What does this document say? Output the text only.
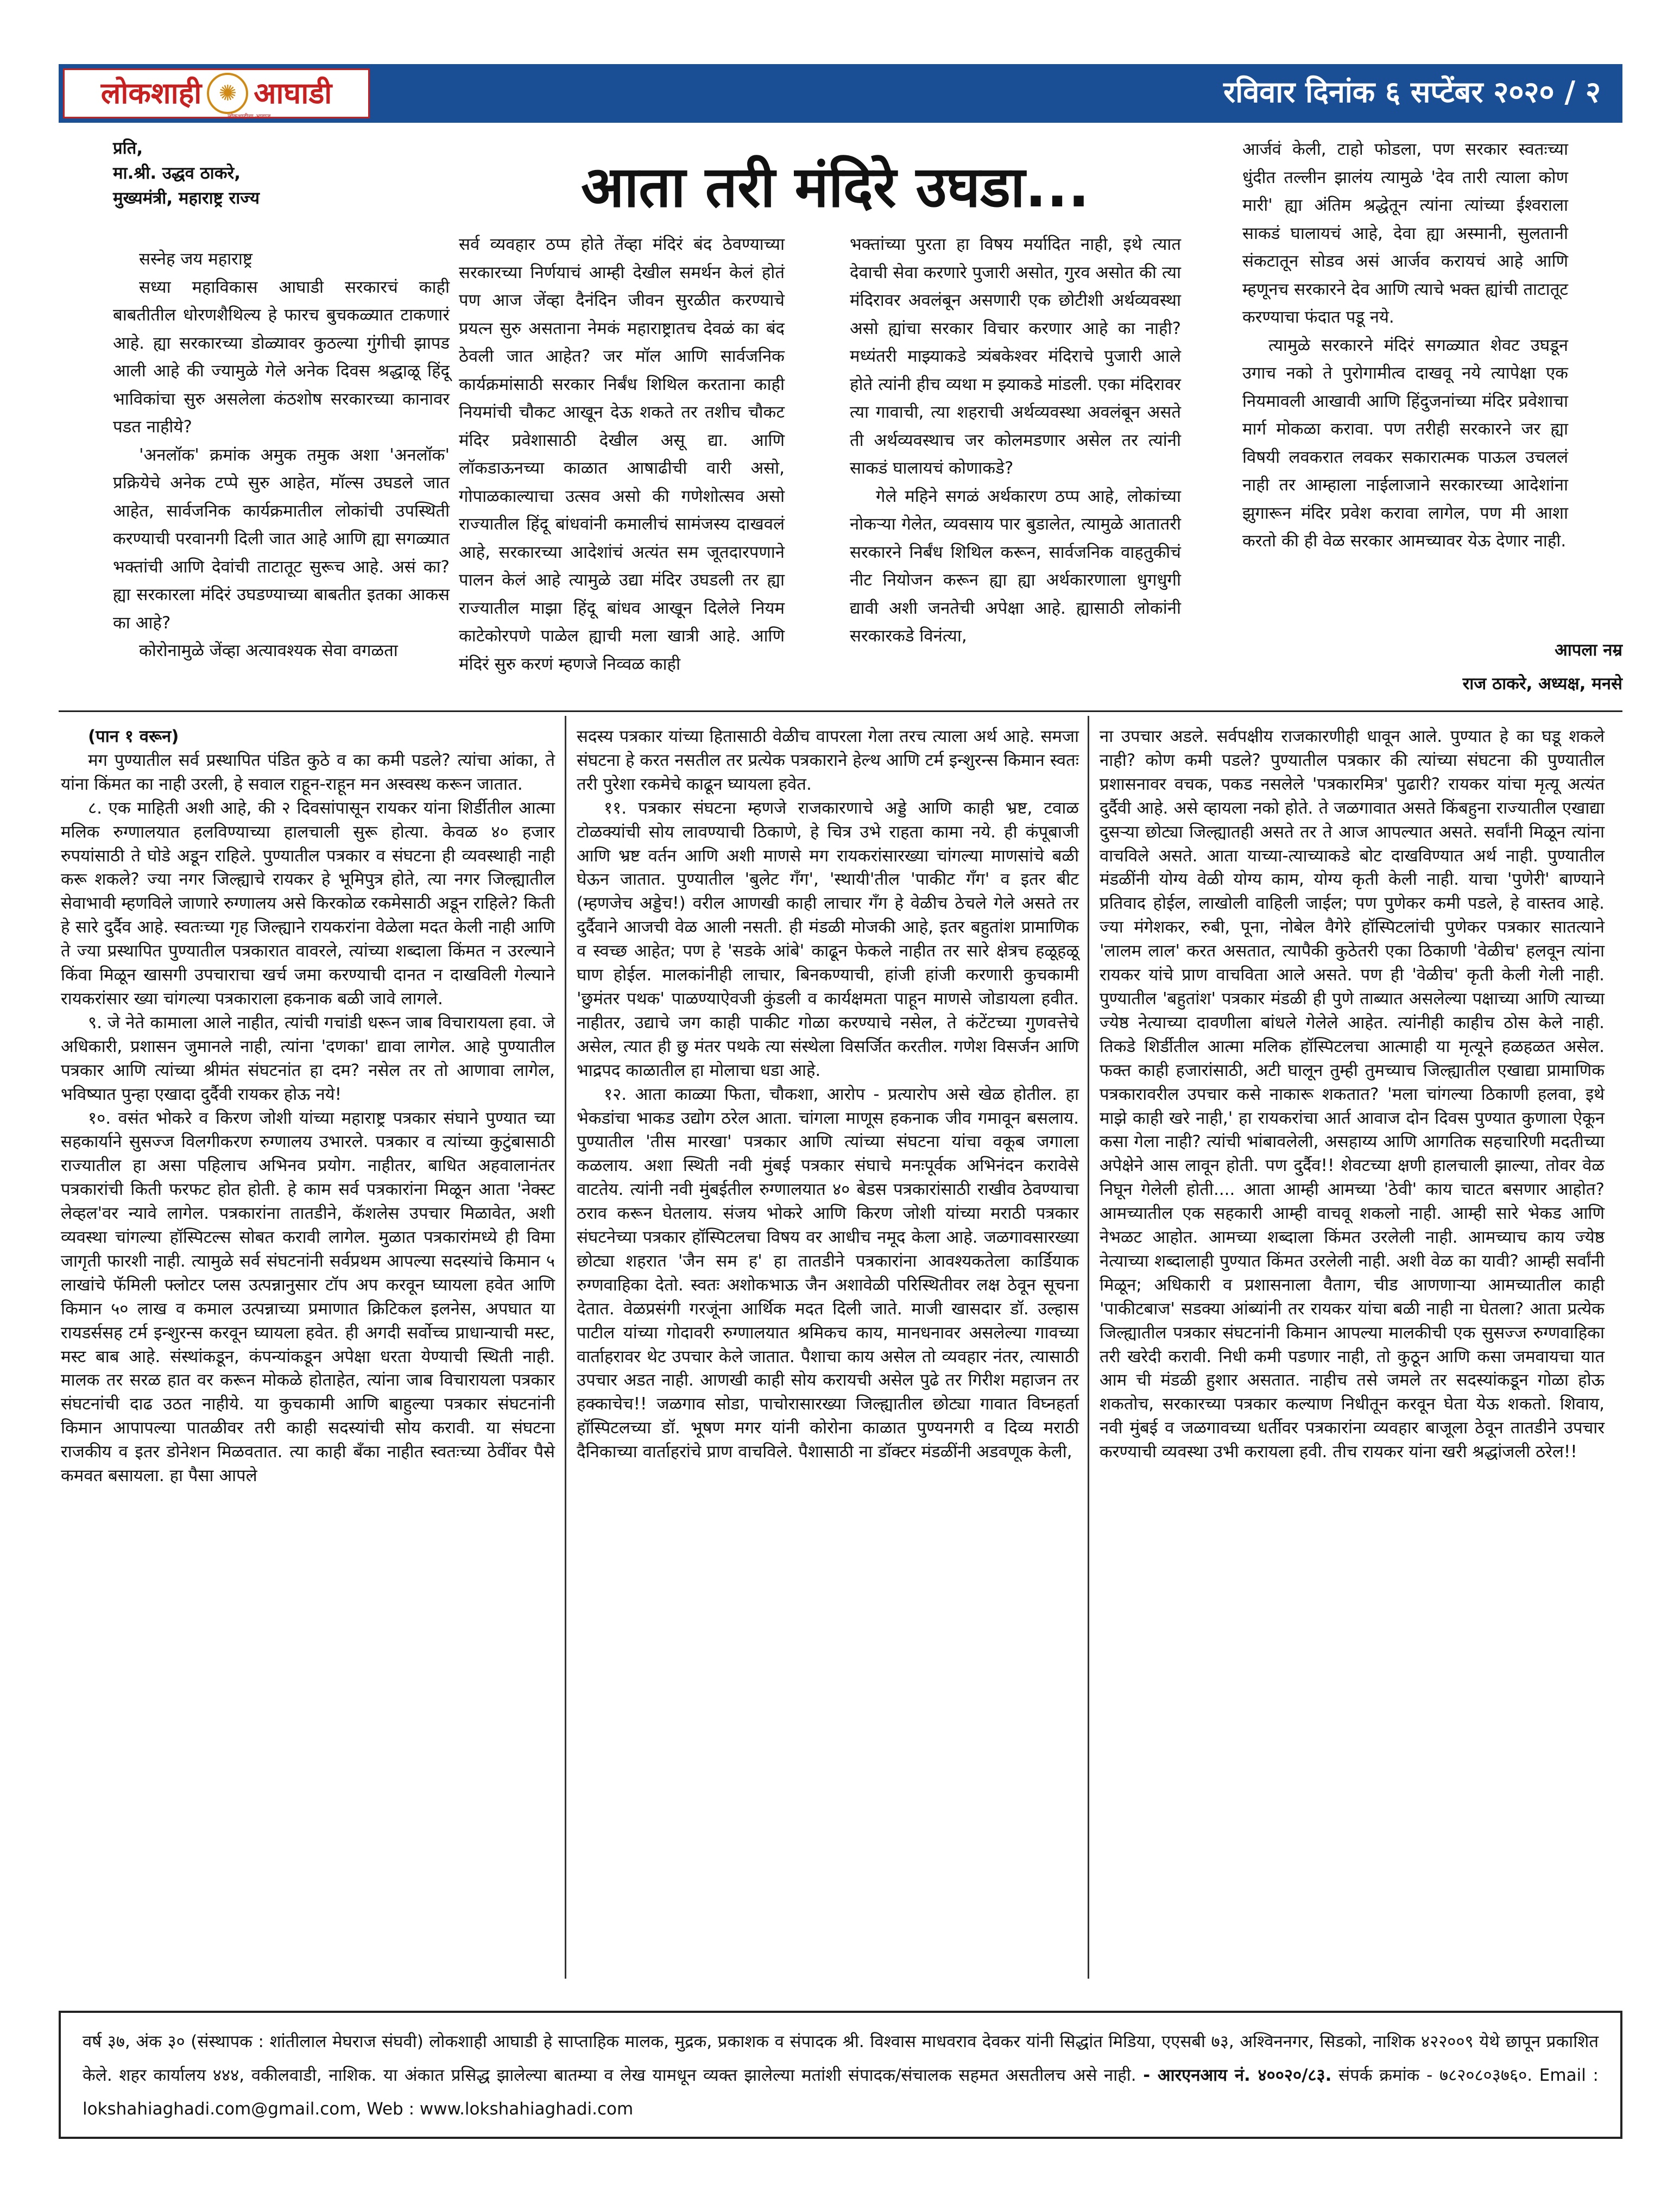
लोकशाही ✺ आघाडी
लोकशाहीचा आवाज
रविवार दिनांक ६ सप्टेंबर २०२० / २

प्रति,

मा.श्री. उद्धव ठाकरे,

मुख्यमंत्री, महाराष्ट्र राज्य

सस्नेह जय महाराष्ट्र

सध्या महाविकास आघाडी सरकारचं काही बाबतीतील धोरणशैथिल्य हे फारच बुचकळ्यात टाकणारं आहे. ह्या सरकारच्या डोळ्यावर कुठल्या गुंगीची झापड आली आहे की ज्यामुळे गेले अनेक दिवस श्रद्धाळू हिंदू भाविकांचा सुरु असलेला कंठशोष सरकारच्या कानावर पडत नाहीये?

'अनलॉक' क्रमांक अमुक तमुक अशा 'अनलॉक' प्रक्रियेचे अनेक टप्पे सुरु आहेत, मॉल्स उघडले जात आहेत, सार्वजनिक कार्यक्रमातील लोकांची उपस्थिती करण्याची परवानगी दिली जात आहे आणि ह्या सगळ्यात भक्तांची आणि देवांची ताटातूट सुरूच आहे. असं का? ह्या सरकारला मंदिरं उघडण्याच्या बाबतीत इतका आकस का आहे?

कोरोनामुळे जेंव्हा अत्यावश्यक सेवा वगळता

आता तरी मंदिरे उघडा...

सर्व व्यवहार ठप्प होते तेंव्हा मंदिरं बंद ठेवण्याच्या सरकारच्या निर्णयाचं आम्ही देखील समर्थन केलं होतं पण आज जेंव्हा दैनंदिन जीवन सुरळीत करण्याचे प्रयत्न सुरु असताना नेमकं महाराष्ट्रातच देवळं का बंद ठेवली जात आहेत? जर मॉल आणि सार्वजनिक कार्यक्रमांसाठी सरकार निर्बंध शिथिल करताना काही नियमांची चौकट आखून देऊ शकते तर तशीच चौकट मंदिर प्रवेशासाठी देखील असू द्या. आणि लॉकडाऊनच्या काळात आषाढीची वारी असो, गोपाळकाल्याचा उत्सव असो की गणेशोत्सव असो राज्यातील हिंदू बांधवांनी कमालीचं सामंजस्य दाखवलं आहे, सरकारच्या आदेशांचं अत्यंत सम जूतदारपणाने पालन केलं आहे त्यामुळे उद्या मंदिर उघडली तर ह्या राज्यातील माझा हिंदू बांधव आखून दिलेले नियम काटेकोरपणे पाळेल ह्याची मला खात्री आहे. आणि मंदिरं सुरु करणं म्हणजे निव्वळ काही

भक्तांच्या पुरता हा विषय मर्यादित नाही, इथे त्यात देवाची सेवा करणारे पुजारी असोत, गुरव असोत की त्या मंदिरावर अवलंबून असणारी एक छोटीशी अर्थव्यवस्था असो ह्यांचा सरकार विचार करणार आहे का नाही? मध्यंतरी माझ्याकडे त्र्यंबकेश्वर मंदिराचे पुजारी आले होते त्यांनी हीच व्यथा म झ्याकडे मांडली. एका मंदिरावर त्या गावाची, त्या शहराची अर्थव्यवस्था अवलंबून असते ती अर्थव्यवस्थाच जर कोलमडणार असेल तर त्यांनी साकडं घालायचं कोणाकडे?

गेले महिने सगळं अर्थकारण ठप्प आहे, लोकांच्या नोकऱ्या गेलेत, व्यवसाय पार बुडालेत, त्यामुळे आतातरी सरकारने निर्बंध शिथिल करून, सार्वजनिक वाहतुकीचं नीट नियोजन करून ह्या ह्या अर्थकारणाला धुगधुगी द्यावी अशी जनतेची अपेक्षा आहे. ह्यासाठी लोकांनी सरकारकडे विनंत्या,

आर्जवं केली, टाहो फोडला, पण सरकार स्वतःच्या धुंदीत तल्लीन झालंय त्यामुळे 'देव तारी त्याला कोण मारी' ह्या अंतिम श्रद्धेतून त्यांना त्यांच्या ईश्वराला साकडं घालायचं आहे, देवा ह्या अस्मानी, सुलतानी संकटातून सोडव असं आर्जव करायचं आहे आणि म्हणूनच सरकारने देव आणि त्याचे भक्त ह्यांची ताटातूट करण्याचा फंदात पडू नये.

त्यामुळे सरकारने मंदिरं सगळ्यात शेवट उघडून उगाच नको ते पुरोगामीत्व दाखवू नये त्यापेक्षा एक नियमावली आखावी आणि हिंदुजनांच्या मंदिर प्रवेशाचा मार्ग मोकळा करावा. पण तरीही सरकारने जर ह्या विषयी लवकरात लवकर सकारात्मक पाऊल उचललं नाही तर आम्हाला नाईलाजाने सरकारच्या आदेशांना झुगारून मंदिर प्रवेश करावा लागेल, पण मी आशा करतो की ही वेळ सरकार आमच्यावर येऊ देणार नाही.

आपला नम्र
राज ठाकरे, अध्यक्ष, मनसे

(पान १ वरून)

मग पुण्यातील सर्व प्रस्थापित पंडित कुठे व का कमी पडले? त्यांचा आंका, ते यांना किंमत का नाही उरली, हे सवाल राहून-राहून मन अस्वस्थ करून जातात.

८. एक माहिती अशी आहे, की २ दिवसांपासून रायकर यांना शिर्डीतील आत्मा मलिक रुग्णालयात हलविण्याच्या हालचाली सुरू होत्या. केवळ ४० हजार रुपयांसाठी ते घोडे अडून राहिले. पुण्यातील पत्रकार व संघटना ही व्यवस्थाही नाही करू शकले? ज्या नगर जिल्ह्याचे रायकर हे भूमिपुत्र होते, त्या नगर जिल्ह्यातील सेवाभावी म्हणविले जाणारे रुग्णालय असे किरकोळ रकमेसाठी अडून राहिले? किती हे सारे दुर्दैव आहे. स्वतःच्या गृह जिल्ह्याने रायकरांना वेळेला मदत केली नाही आणि ते ज्या प्रस्थापित पुण्यातील पत्रकारात वावरले, त्यांच्या शब्दाला किंमत न उरल्याने किंवा मिळून खासगी उपचाराचा खर्च जमा करण्याची दानत न दाखविली गेल्याने रायकरांसार ख्या चांगल्या पत्रकाराला हकनाक बळी जावे लागले.

९. जे नेते कामाला आले नाहीत, त्यांची गचांडी धरून जाब विचारायला हवा. जे अधिकारी, प्रशासन जुमानले नाही, त्यांना 'दणका' द्यावा लागेल. आहे पुण्यातील पत्रकार आणि त्यांच्या श्रीमंत संघटनांत हा दम? नसेल तर तो आणावा लागेल, भविष्यात पुन्हा एखादा दुर्दैवी रायकर होऊ नये!

१०. वसंत भोकरे व किरण जोशी यांच्या महाराष्ट्र पत्रकार संघाने पुण्यात च्या सहकार्याने सुसज्ज विलगीकरण रुग्णालय उभारले. पत्रकार व त्यांच्या कुटुंबासाठी राज्यातील हा असा पहिलाच अभिनव प्रयोग. नाहीतर, बाधित अहवालानंतर पत्रकारांची किती फरफट होत होती. हे काम सर्व पत्रकारांना मिळून आता 'नेक्स्ट लेव्हल'वर न्यावे लागेल. पत्रकारांना तातडीने, कॅशलेस उपचार मिळावेत, अशी व्यवस्था चांगल्या हॉस्पिटल्स सोबत करावी लागेल. मुळात पत्रकारांमध्ये ही विमा जागृती फारशी नाही. त्यामुळे सर्व संघटनांनी सर्वप्रथम आपल्या सदस्यांचे किमान ५ लाखांचे फॅमिली फ्लोटर प्लस उत्पन्नानुसार टॉप अप करवून घ्यायला हवेत आणि किमान ५० लाख व कमाल उत्पन्नाच्या प्रमाणात क्रिटिकल इलनेस, अपघात या रायडर्ससह टर्म इन्शुरन्स करवून घ्यायला हवेत. ही अगदी सर्वोच्च प्राधान्याची मस्ट, मस्ट बाब आहे. संस्थांकडून, कंपन्यांकडून अपेक्षा धरता येण्याची स्थिती नाही. मालक तर सरळ हात वर करून मोकळे होताहेत, त्यांना जाब विचारायला पत्रकार संघटनांची दाढ उठत नाहीये. या कुचकामी आणि बाहुल्या पत्रकार संघटनांनी किमान आपापल्या पातळीवर तरी काही सदस्यांची सोय करावी. या संघटना राजकीय व इतर डोनेशन मिळवतात. त्या काही बँका नाहीत स्वतःच्या ठेवींवर पैसे कमवत बसायला. हा पैसा आपले

सदस्य पत्रकार यांच्या हितासाठी वेळीच वापरला गेला तरच त्याला अर्थ आहे. समजा संघटना हे करत नसतील तर प्रत्येक पत्रकाराने हेल्थ आणि टर्म इन्शुरन्स किमान स्वतः तरी पुरेशा रकमेचे काढून घ्यायला हवेत.

११. पत्रकार संघटना म्हणजे राजकारणाचे अड्डे आणि काही भ्रष्ट, टवाळ टोळक्यांची सोय लावण्याची ठिकाणे, हे चित्र उभे राहता कामा नये. ही कंपूबाजी आणि भ्रष्ट वर्तन आणि अशी माणसे मग रायकरांसारख्या चांगल्या माणसांचे बळी घेऊन जातात. पुण्यातील 'बुलेट गँग', 'स्थायी'तील 'पाकीट गँग' व इतर बीट (म्हणजेच अड्डेच!) वरील आणखी काही लाचार गँग हे वेळीच ठेचले गेले असते तर दुर्दैवाने आजची वेळ आली नसती. ही मंडळी मोजकी आहे, इतर बहुतांश प्रामाणिक व स्वच्छ आहेत; पण हे 'सडके आंबे' काढून फेकले नाहीत तर सारे क्षेत्रच हळूहळू घाण होईल. मालकांनीही लाचार, बिनकण्याची, हांजी हांजी करणारी कुचकामी 'छुमंतर पथक' पाळण्याऐवजी कुंडली व कार्यक्षमता पाहून माणसे जोडायला हवीत. नाहीतर, उद्याचे जग काही पाकीट गोळा करण्याचे नसेल, ते कंटेंटच्या गुणवत्तेचे असेल, त्यात ही छु मंतर पथके त्या संस्थेला विसर्जित करतील. गणेश विसर्जन आणि भाद्रपद काळातील हा मोलाचा धडा आहे.

१२. आता काळ्या फिता, चौकशा, आरोप - प्रत्यारोप असे खेळ होतील. हा भेकडांचा भाकड उद्योग ठरेल आता. चांगला माणूस हकनाक जीव गमावून बसलाय. पुण्यातील 'तीस मारखा' पत्रकार आणि त्यांच्या संघटना यांचा वकूब जगाला कळलाय. अशा स्थिती नवी मुंबई पत्रकार संघाचे मनःपूर्वक अभिनंदन करावेसे वाटतेय. त्यांनी नवी मुंबईतील रुग्णालयात ४० बेडस पत्रकारांसाठी राखीव ठेवण्याचा ठराव करून घेतलाय. संजय भोकरे आणि किरण जोशी यांच्या मराठी पत्रकार संघटनेच्या पत्रकार हॉस्पिटलचा विषय वर आधीच नमूद केला आहे. जळगावसारख्या छोट्या शहरात 'जैन सम ह' हा तातडीने पत्रकारांना आवश्यकतेला कार्डियाक रुग्णवाहिका देतो. स्वतः अशोकभाऊ जैन अशावेळी परिस्थितीवर लक्ष ठेवून सूचना देतात. वेळप्रसंगी गरजूंना आर्थिक मदत दिली जाते. माजी खासदार डॉ. उल्हास पाटील यांच्या गोदावरी रुग्णालयात श्रमिकच काय, मानधनावर असलेल्या गावच्या वार्ताहरावर थेट उपचार केले जातात. पैशाचा काय असेल तो व्यवहार नंतर, त्यासाठी उपचार अडत नाही. आणखी काही सोय करायची असेल पुढे तर गिरीश महाजन तर हक्काचेच!! जळगाव सोडा, पाचोरासारख्या जिल्ह्यातील छोट्या गावात विघ्नहर्ता हॉस्पिटलच्या डॉ. भूषण मगर यांनी कोरोना काळात पुण्यनगरी व दिव्य मराठी दैनिकाच्या वार्ताहरांचे प्राण वाचविले. पैशासाठी ना डॉक्टर मंडळींनी अडवणूक केली,

ना उपचार अडले. सर्वपक्षीय राजकारणीही धावून आले. पुण्यात हे का घडू शकले नाही? कोण कमी पडले? पुण्यातील पत्रकार की त्यांच्या संघटना की पुण्यातील प्रशासनावर वचक, पकड नसलेले 'पत्रकारमित्र' पुढारी? रायकर यांचा मृत्यू अत्यंत दुर्दैवी आहे. असे व्हायला नको होते. ते जळगावात असते किंबहुना राज्यातील एखाद्या दुसऱ्या छोट्या जिल्ह्यातही असते तर ते आज आपल्यात असते. सर्वांनी मिळून त्यांना वाचविले असते. आता याच्या-त्याच्याकडे बोट दाखविण्यात अर्थ नाही. पुण्यातील मंडळींनी योग्य वेळी योग्य काम, योग्य कृती केली नाही. याचा 'पुणेरी' बाण्याने प्रतिवाद होईल, लाखोली वाहिली जाईल; पण पुणेकर कमी पडले, हे वास्तव आहे. ज्या मंगेशकर, रुबी, पूना, नोबेल वैगेरे हॉस्पिटलांची पुणेकर पत्रकार सातत्याने 'लालम लाल' करत असतात, त्यापैकी कुठेतरी एका ठिकाणी 'वेळीच' हलवून त्यांना रायकर यांचे प्राण वाचविता आले असते. पण ही 'वेळीच' कृती केली गेली नाही. पुण्यातील 'बहुतांश' पत्रकार मंडळी ही पुणे ताब्यात असलेल्या पक्षाच्या आणि त्याच्या ज्येष्ठ नेत्याच्या दावणीला बांधले गेलेले आहेत. त्यांनीही काहीच ठोस केले नाही. तिकडे शिर्डीतील आत्मा मलिक हॉस्पिटलचा आत्माही या मृत्यूने हळहळत असेल. फक्त काही हजारांसाठी, अटी घालून तुम्ही तुमच्याच जिल्ह्यातील एखाद्या प्रामाणिक पत्रकारावरील उपचार कसे नाकारू शकतात? 'मला चांगल्या ठिकाणी हलवा, इथे माझे काही खरे नाही,' हा रायकरांचा आर्त आवाज दोन दिवस पुण्यात कुणाला ऐकून कसा गेला नाही? त्यांची भांबावलेली, असहाय्य आणि आगतिक सहचारिणी मदतीच्या अपेक्षेने आस लावून होती. पण दुर्दैव!! शेवटच्या क्षणी हालचाली झाल्या, तोवर वेळ निघून गेलेली होती.... आता आम्ही आमच्या 'ठेवी' काय चाटत बसणार आहोत? आमच्यातील एक सहकारी आम्ही वाचवू शकलो नाही. आम्ही सारे भेकड आणि नेभळट आहोत. आमच्या शब्दाला किंमत उरलेली नाही. आमच्याच काय ज्येष्ठ नेत्याच्या शब्दालाही पुण्यात किंमत उरलेली नाही. अशी वेळ का यावी? आम्ही सर्वांनी मिळून; अधिकारी व प्रशासनाला वैताग, चीड आणणाऱ्या आमच्यातील काही 'पाकीटबाज' सडक्या आंब्यांनी तर रायकर यांचा बळी नाही ना घेतला? आता प्रत्येक जिल्ह्यातील पत्रकार संघटनांनी किमान आपल्या मालकीची एक सुसज्ज रुग्णवाहिका तरी खरेदी करावी. निधी कमी पडणार नाही, तो कुठून आणि कसा जमवायचा यात आम ची मंडळी हुशार असतात. नाहीच तसे जमले तर सदस्यांकडून गोळा होऊ शकतोच, सरकारच्या पत्रकार कल्याण निधीतून करवून घेता येऊ शकतो. शिवाय, नवी मुंबई व जळगावच्या धर्तीवर पत्रकारांना व्यवहार बाजूला ठेवून तातडीने उपचार करण्याची व्यवस्था उभी करायला हवी. तीच रायकर यांना खरी श्रद्धांजली ठरेल!!

वर्ष ३७, अंक ३० (संस्थापक : शांतीलाल मेघराज संघवी) लोकशाही आघाडी हे साप्ताहिक मालक, मुद्रक, प्रकाशक व संपादक श्री. विश्वास माधवराव देवकर यांनी सिद्धांत मिडिया, एएसबी ७३, अश्विननगर, सिडको, नाशिक ४२२००९ येथे छापून प्रकाशित केले. शहर कार्यालय ४४४, वकीलवाडी, नाशिक. या अंकात प्रसिद्ध झालेल्या बातम्या व लेख यामधून व्यक्त झालेल्या मतांशी संपादक/संचालक सहमत असतीलच असे नाही. - आरएनआय नं. ४००२०/८३. संपर्क क्रमांक - ७८२०८०३७६०. Email : lokshahiaghadi.com@gmail.com, Web : www.lokshahiaghadi.com
